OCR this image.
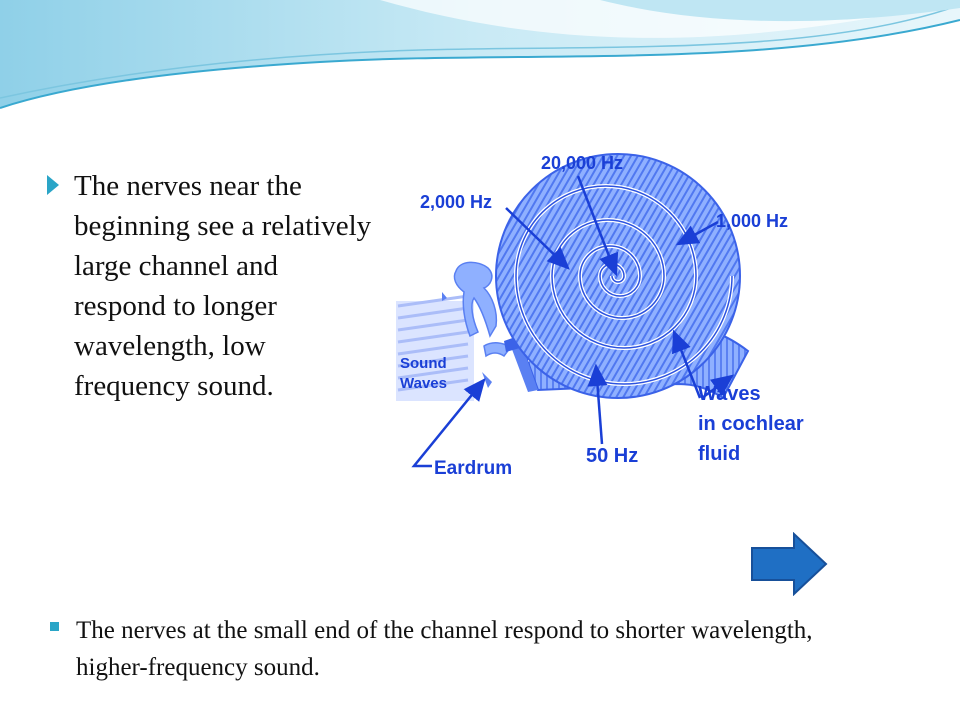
The nerves near the beginning see a relatively large channel and respond to longer wavelength, low frequency sound.
20,000 Hz
2,000 Hz
1,000 Hz
Sound
Waves	Waves
in cochlear
fluid
50 Hz
Eardrum
The nerves at the small end of the channel respond to shorter wavelength, higher-frequency sound.
